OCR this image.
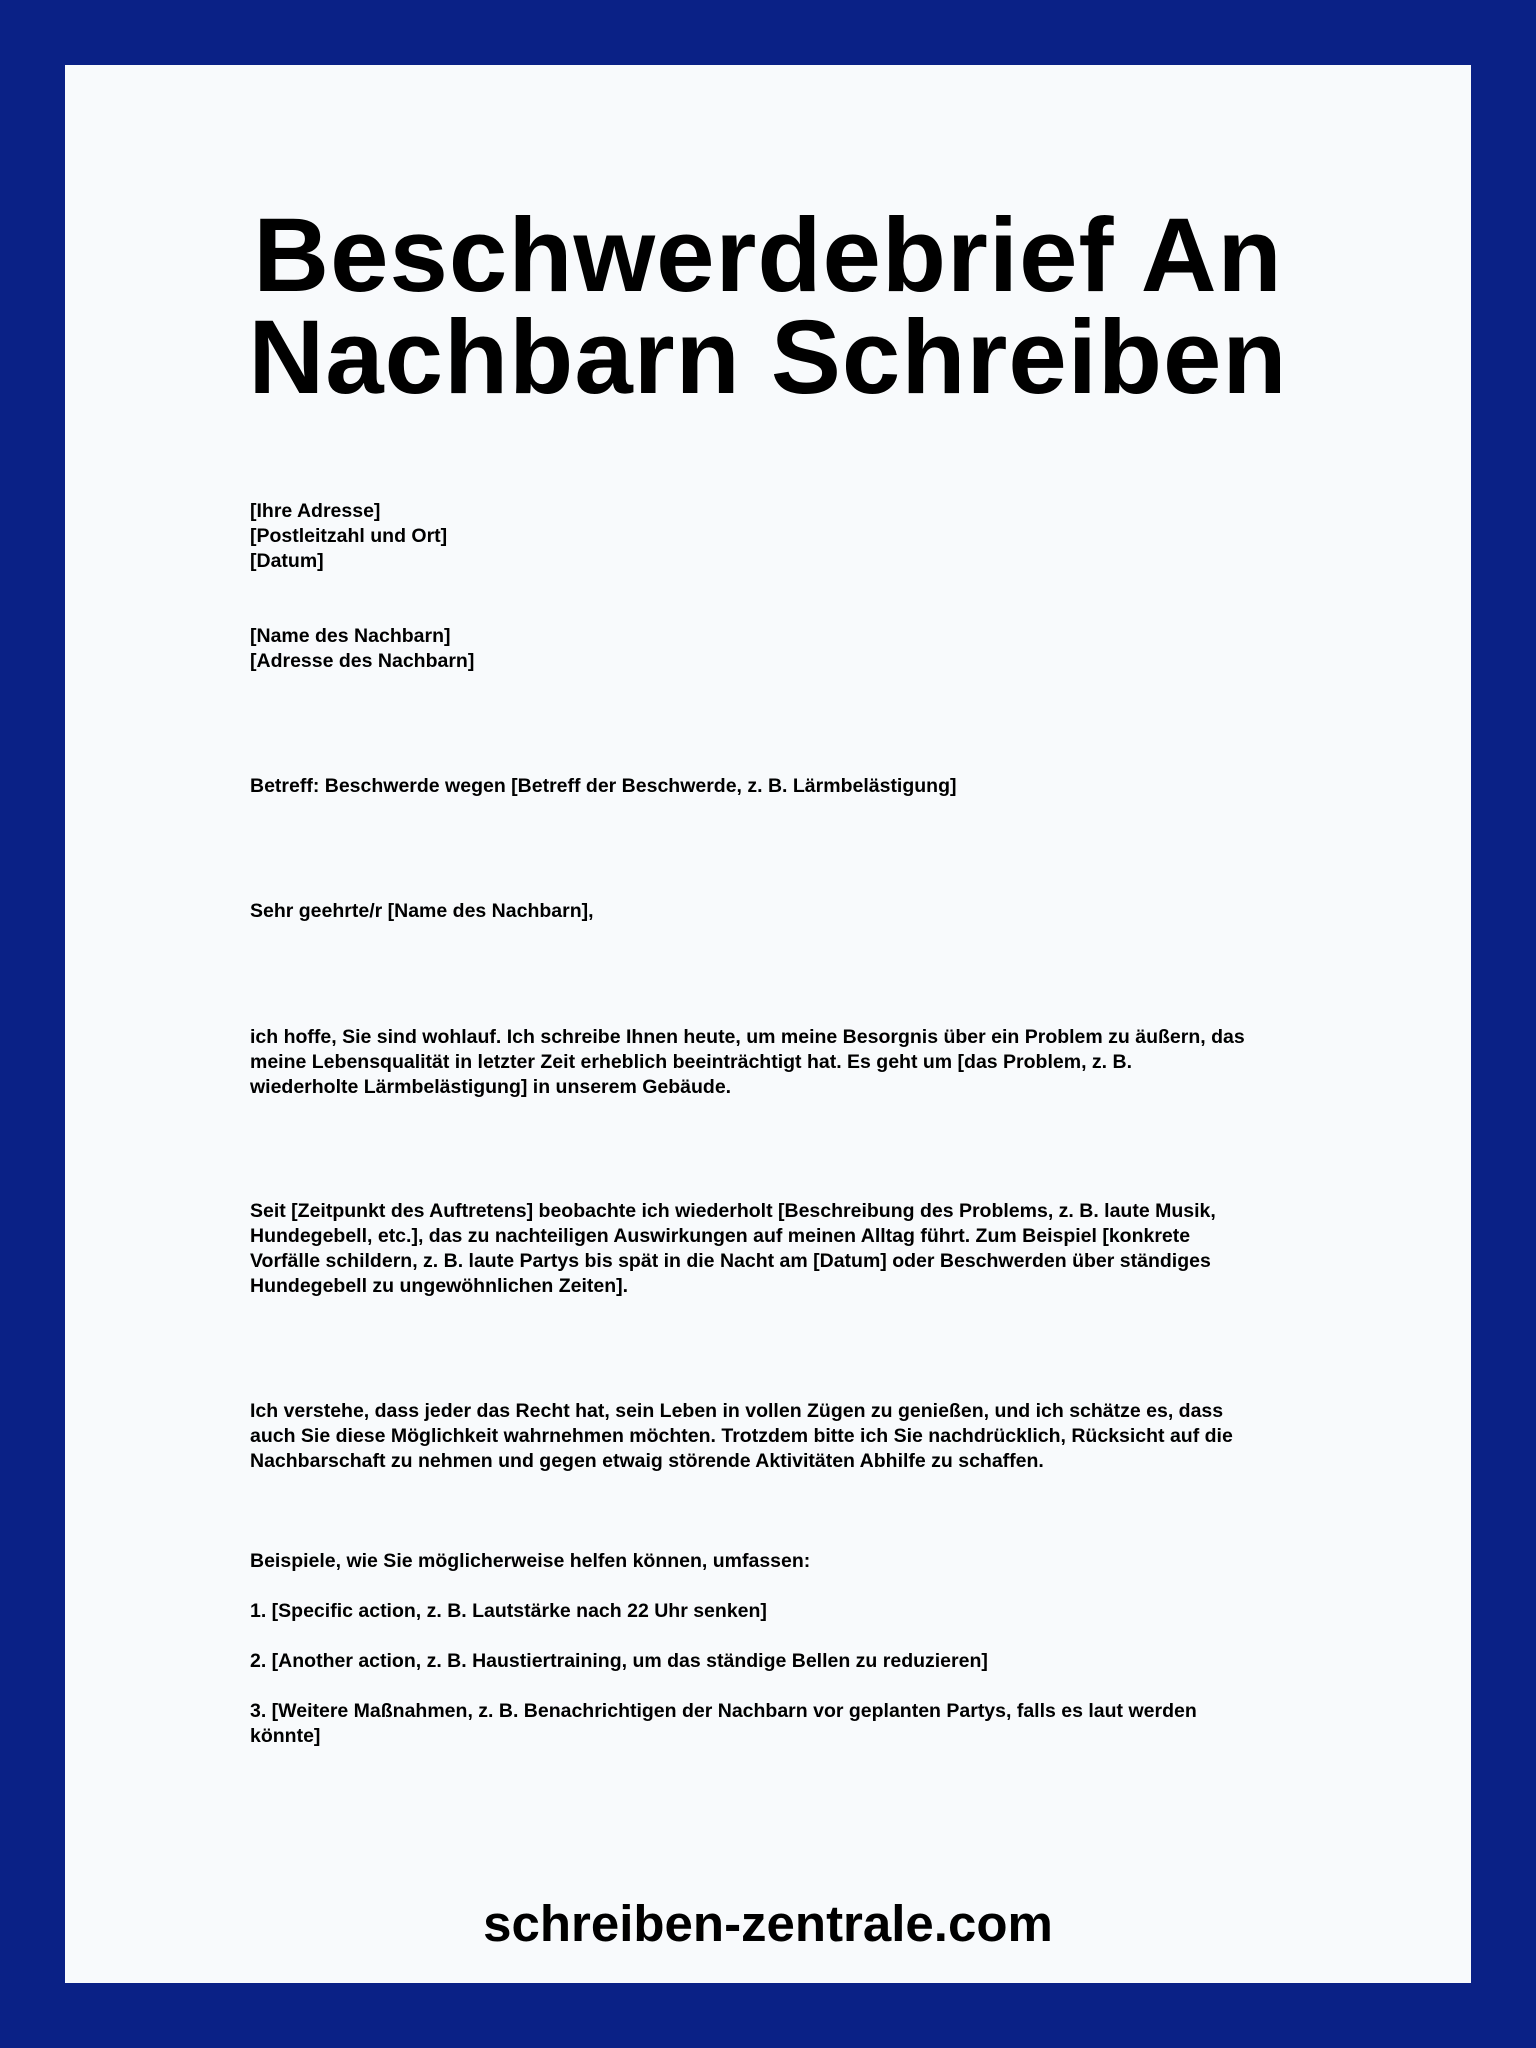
Beschwerdebrief An
Nachbarn Schreiben
[Ihre Adresse]
[Postleitzahl und Ort]
[Datum]
[Name des Nachbarn]
[Adresse des Nachbarn]
Betreff: Beschwerde wegen [Betreff der Beschwerde, z. B. Lärmbelästigung]
Sehr geehrte/r [Name des Nachbarn],
ich hoffe, Sie sind wohlauf. Ich schreibe Ihnen heute, um meine Besorgnis über ein Problem zu äußern, das
meine Lebensqualität in letzter Zeit erheblich beeinträchtigt hat. Es geht um [das Problem, z. B.
wiederholte Lärmbelästigung] in unserem Gebäude.
Seit [Zeitpunkt des Auftretens] beobachte ich wiederholt [Beschreibung des Problems, z. B. laute Musik,
Hundegebell, etc.], das zu nachteiligen Auswirkungen auf meinen Alltag führt. Zum Beispiel [konkrete
Vorfälle schildern, z. B. laute Partys bis spät in die Nacht am [Datum] oder Beschwerden über ständiges
Hundegebell zu ungewöhnlichen Zeiten].
Ich verstehe, dass jeder das Recht hat, sein Leben in vollen Zügen zu genießen, und ich schätze es, dass
auch Sie diese Möglichkeit wahrnehmen möchten. Trotzdem bitte ich Sie nachdrücklich, Rücksicht auf die
Nachbarschaft zu nehmen und gegen etwaig störende Aktivitäten Abhilfe zu schaffen.
Beispiele, wie Sie möglicherweise helfen können, umfassen:
1. [Specific action, z. B. Lautstärke nach 22 Uhr senken]
2. [Another action, z. B. Haustiertraining, um das ständige Bellen zu reduzieren]
3. [Weitere Maßnahmen, z. B. Benachrichtigen der Nachbarn vor geplanten Partys, falls es laut werden
könnte]
schreiben-zentrale.com
